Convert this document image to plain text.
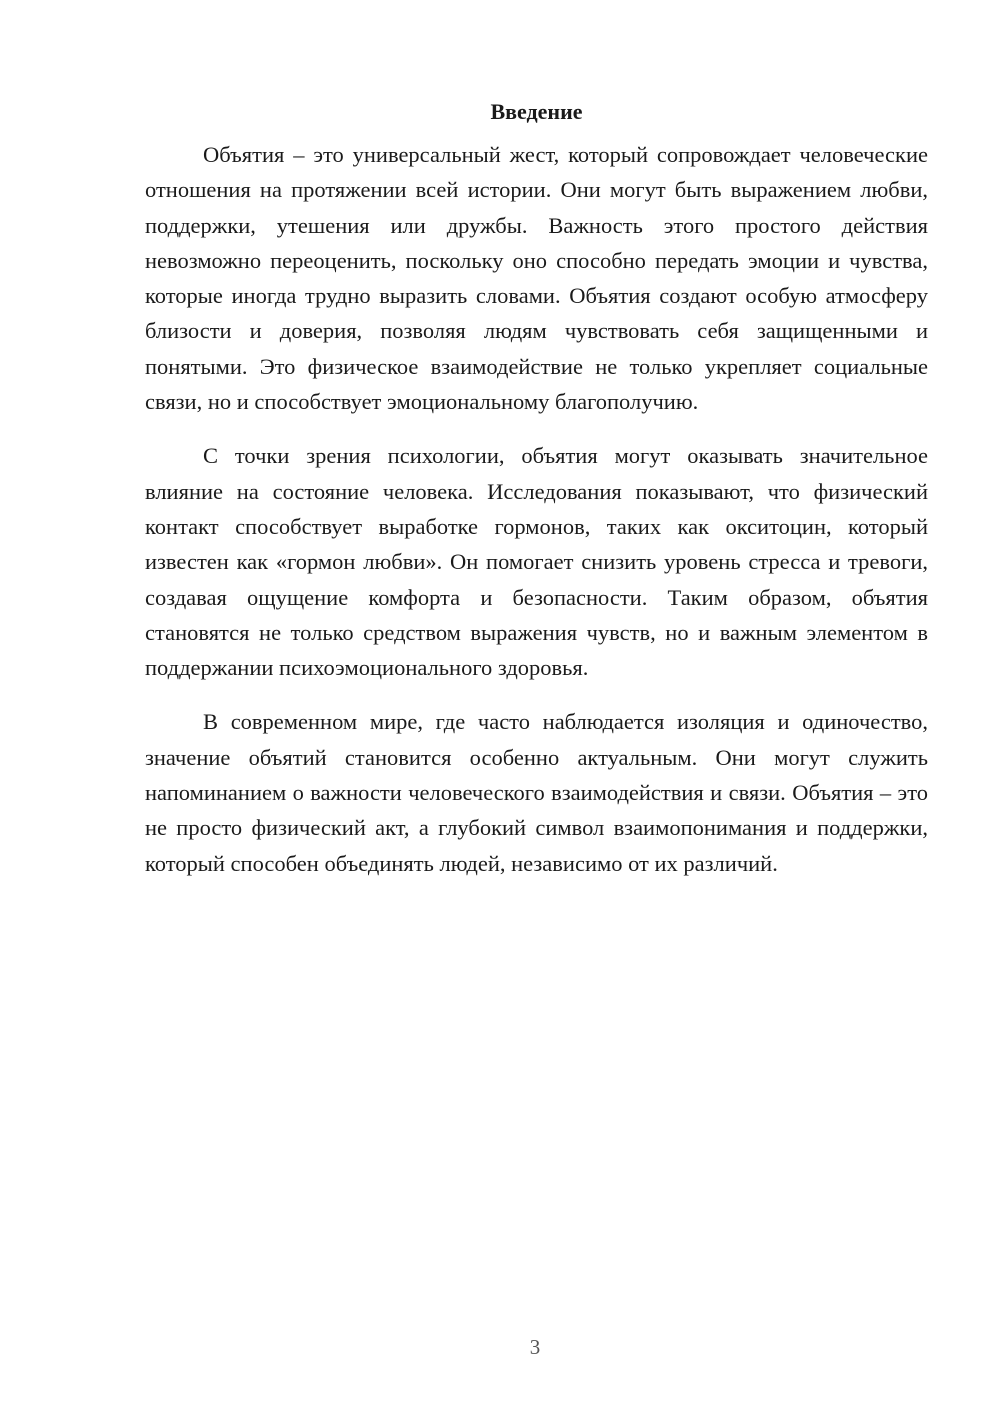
Введение

Объятия – это универсальный жест, который сопровождает человеческие отношения на протяжении всей истории. Они могут быть выражением любви, поддержки, утешения или дружбы. Важность этого простого действия невозможно переоценить, поскольку оно способно передать эмоции и чувства, которые иногда трудно выразить словами. Объятия создают особую атмосферу близости и доверия, позволяя людям чувствовать себя защищенными и понятыми. Это физическое взаимодействие не только укрепляет социальные связи, но и способствует эмоциональному благополучию.

С точки зрения психологии, объятия могут оказывать значительное влияние на состояние человека. Исследования показывают, что физический контакт способствует выработке гормонов, таких как окситоцин, который известен как «гормон любви». Он помогает снизить уровень стресса и тревоги, создавая ощущение комфорта и безопасности. Таким образом, объятия становятся не только средством выражения чувств, но и важным элементом в поддержании психоэмоционального здоровья.

В современном мире, где часто наблюдается изоляция и одиночество, значение объятий становится особенно актуальным. Они могут служить напоминанием о важности человеческого взаимодействия и связи. Объятия – это не просто физический акт, а глубокий символ взаимопонимания и поддержки, который способен объединять людей, независимо от их различий.

3
